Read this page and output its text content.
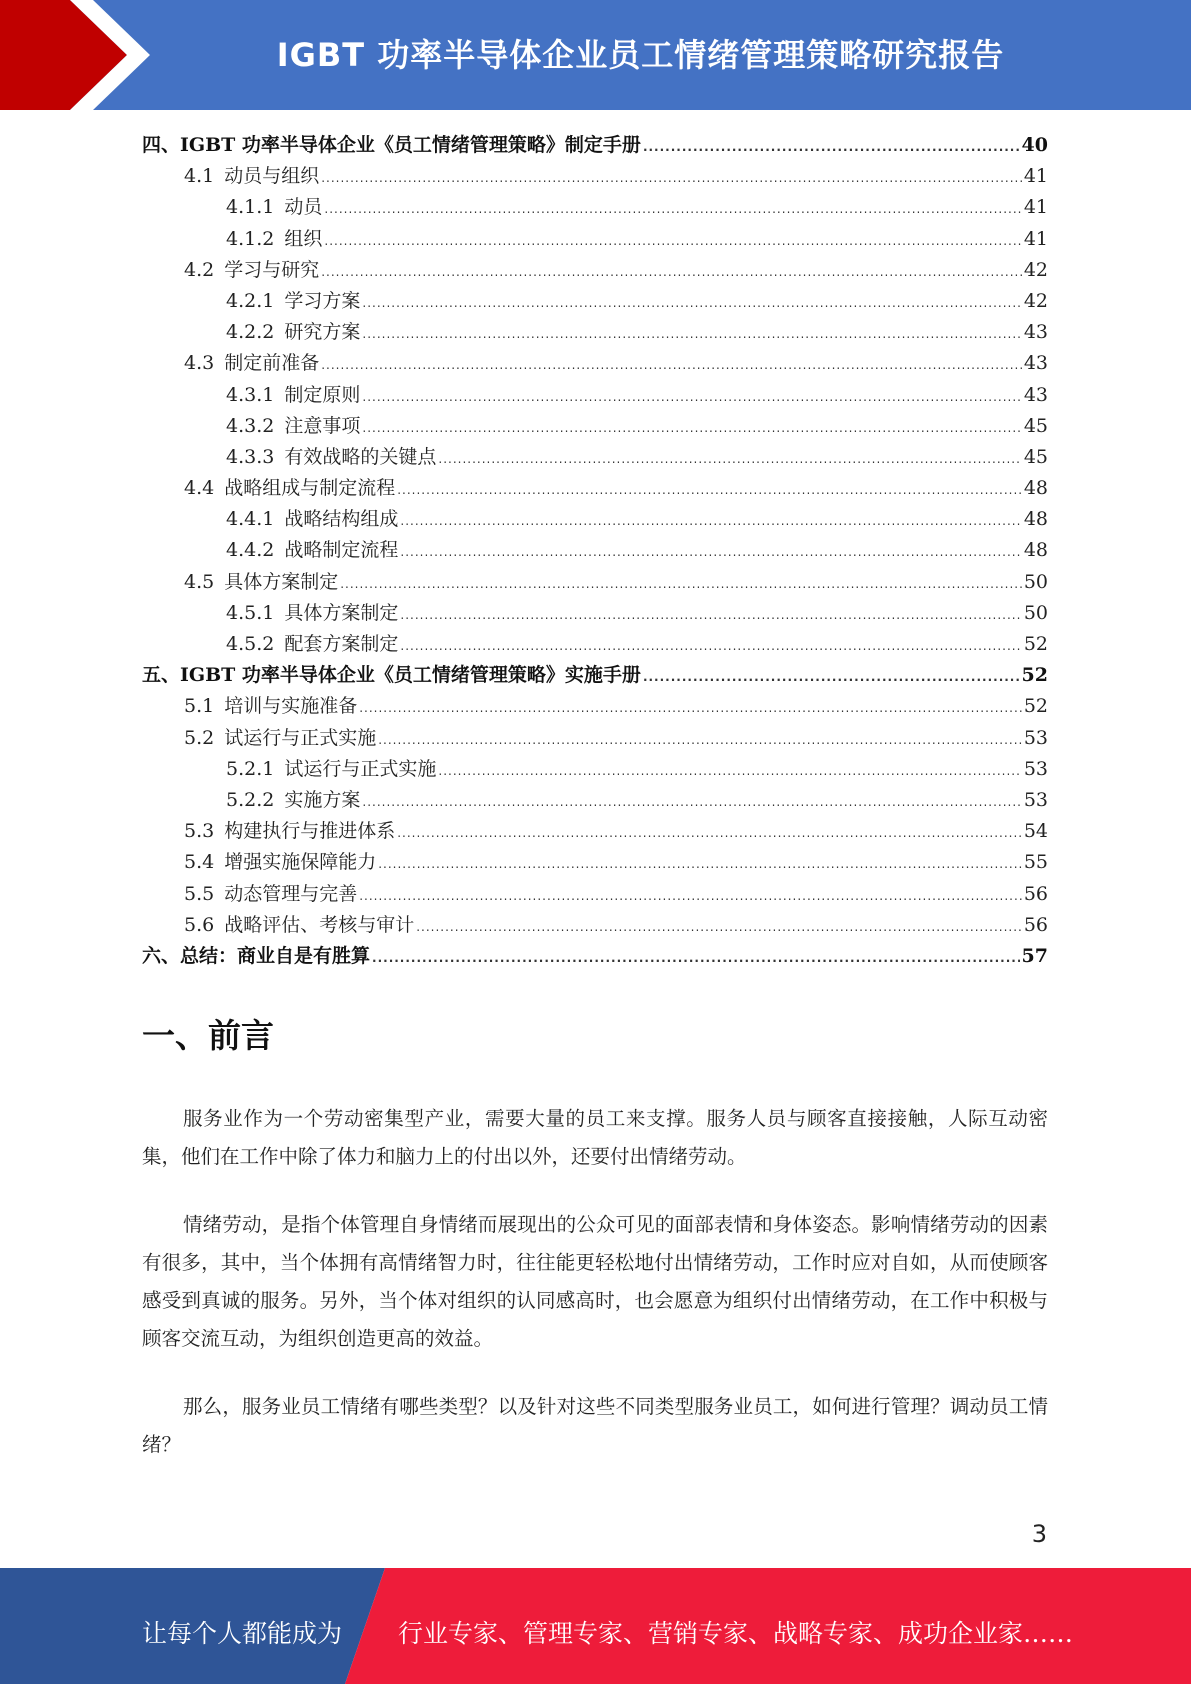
IGBT 功率半导体企业员工情绪管理策略研究报告
四、IGBT 功率半导体企业《员工情绪管理策略》制定手册 .....	40
4.1 动员与组织 .....	41
4.1.1 动员 .....	41
4.1.2 组织 .....	41
4.2 学习与研究 .....	42
4.2.1 学习方案 .....	42
4.2.2 研究方案 .....	43
4.3 制定前准备 .....	43
4.3.1 制定原则 .....	43
4.3.2 注意事项 .....	45
4.3.3 有效战略的关键点 .....	45
4.4 战略组成与制定流程 .....	48
4.4.1 战略结构组成 .....	48
4.4.2 战略制定流程 .....	48
4.5 具体方案制定 .....	50
4.5.1 具体方案制定 .....	50
4.5.2 配套方案制定 .....	52
五、IGBT 功率半导体企业《员工情绪管理策略》实施手册 .....	52
5.1 培训与实施准备 .....	52
5.2 试运行与正式实施 .....	53
5.2.1 试运行与正式实施 .....	53
5.2.2 实施方案 .....	53
5.3 构建执行与推进体系 .....	54
5.4 增强实施保障能力 .....	55
5.5 动态管理与完善 .....	56
5.6 战略评估、考核与审计 .....	56
六、总结：商业自是有胜算 .....	57
一、前言

服务业作为一个劳动密集型产业，需要大量的员工来支撑。服务人员与顾客直接接触，人际互动密集，他们在工作中除了体力和脑力上的付出以外，还要付出情绪劳动。

情绪劳动，是指个体管理自身情绪而展现出的公众可见的面部表情和身体姿态。影响情绪劳动的因素有很多，其中，当个体拥有高情绪智力时，往往能更轻松地付出情绪劳动，工作时应对自如，从而使顾客感受到真诚的服务。另外，当个体对组织的认同感高时，也会愿意为组织付出情绪劳动，在工作中积极与顾客交流互动，为组织创造更高的效益。

那么，服务业员工情绪有哪些类型？以及针对这些不同类型服务业员工，如何进行管理？调动员工情绪？

3
让每个人都能成为 行业专家、管理专家、营销专家、战略专家、成功企业家……
